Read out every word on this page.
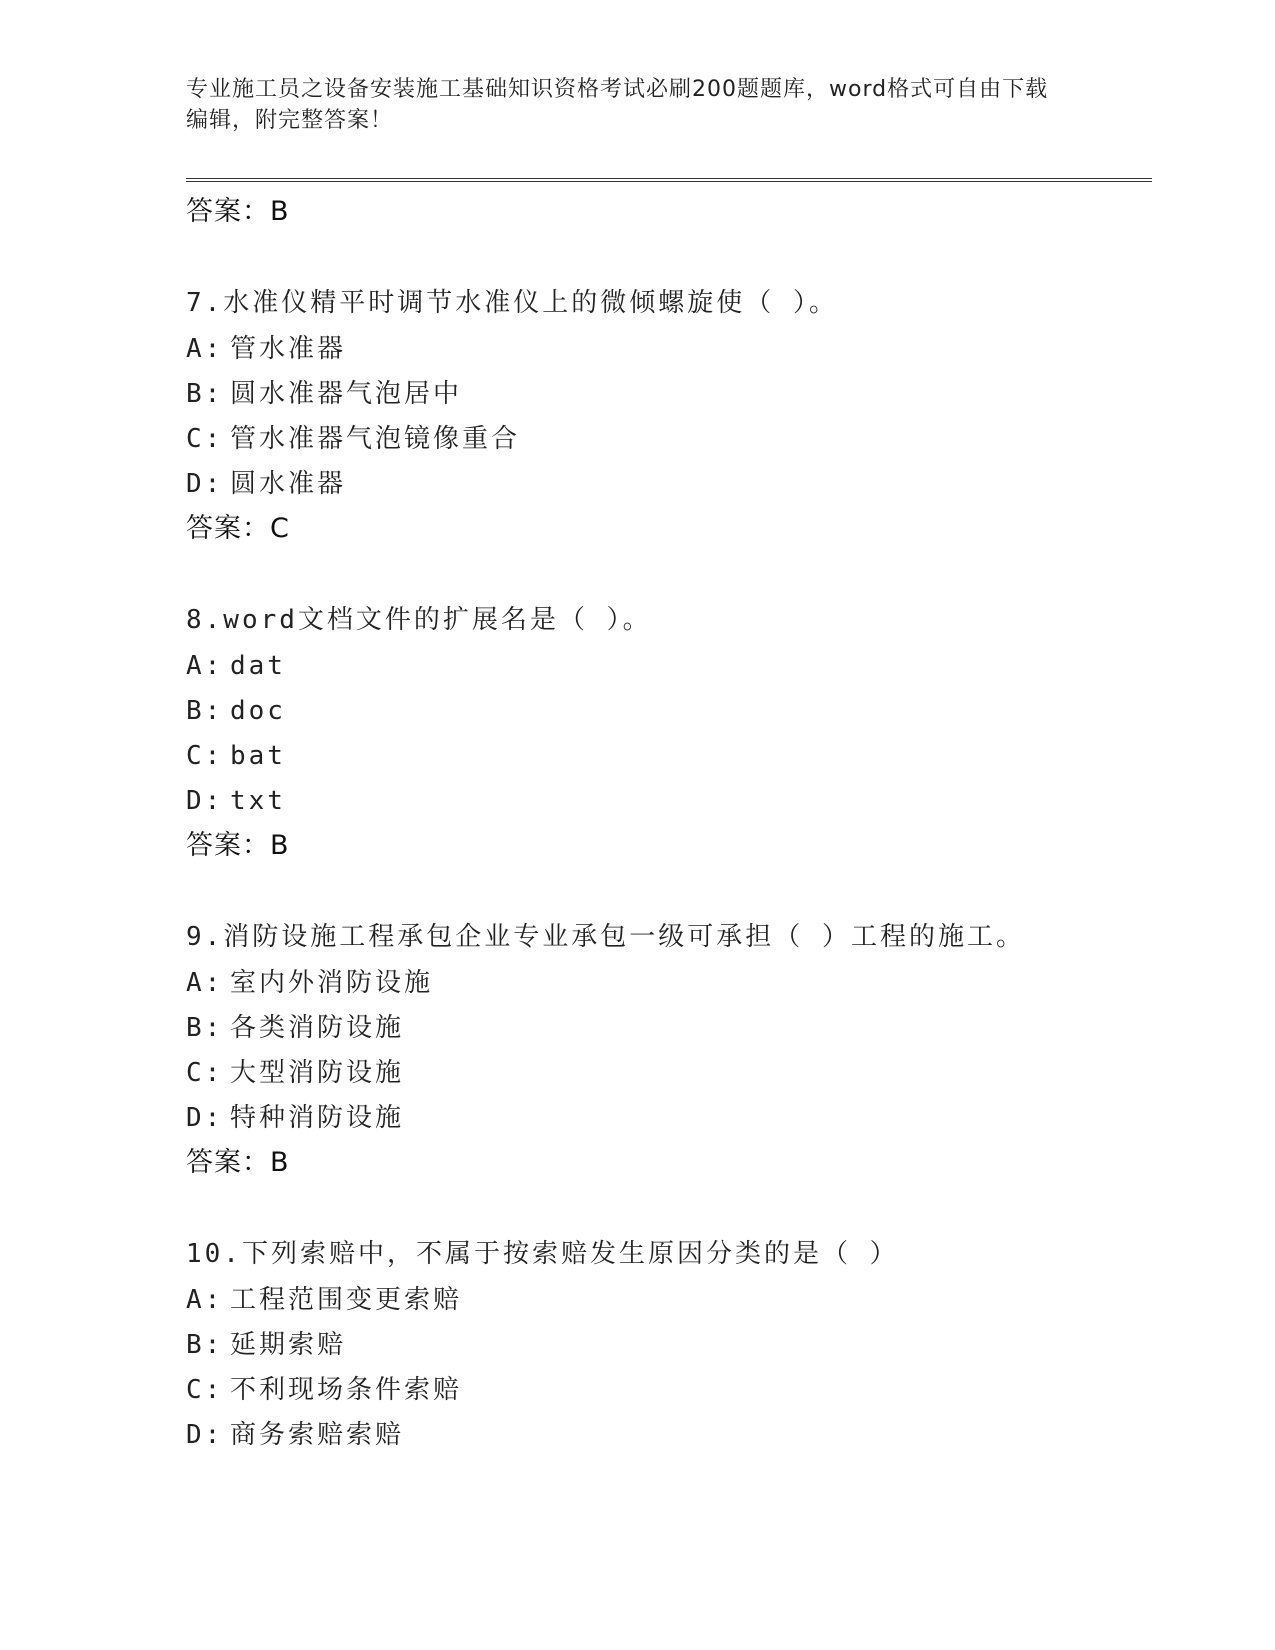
专业施工员之设备安装施工基础知识资格考试必刷200题题库，word格式可自由下载编辑，附完整答案！
答案：B
7.水准仪精平时调节水准仪上的微倾螺旋使（ ）。
A: 管水准器
B: 圆水准器气泡居中
C: 管水准器气泡镜像重合
D: 圆水准器
答案：C
8.word文档文件的扩展名是（ ）。
A: dat
B: doc
C: bat
D: txt
答案：B
9.消防设施工程承包企业专业承包一级可承担（ ）工程的施工。
A: 室内外消防设施
B: 各类消防设施
C: 大型消防设施
D: 特种消防设施
答案：B
10.下列索赔中，不属于按索赔发生原因分类的是（ ）
A: 工程范围变更索赔
B: 延期索赔
C: 不利现场条件索赔
D: 商务索赔索赔
